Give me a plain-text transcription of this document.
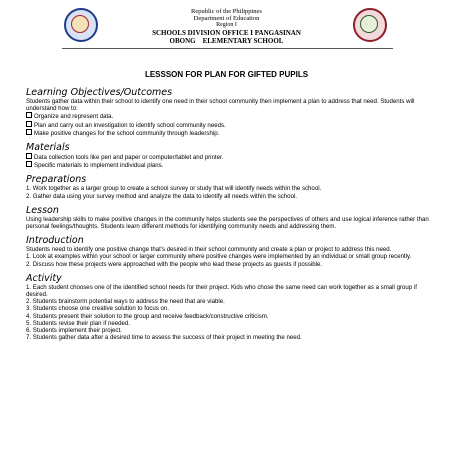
Republic of the Philippines
Department of Education
Region I
SCHOOLS DIVISION OFFICE I PANGASINAN
OBONG    ELEMENTARY SCHOOL
LESSSON FOR PLAN FOR GIFTED PUPILS

Learning Objectives/Outcomes

Students gather data within their school to identify one need in their school community then implement a plan to address that need. Students will understand how to:

Organize and represent data.

Plan and carry out an investigation to identify school community needs.

Make positive changes for the school community through leadership.

Materials

Data collection tools like pen and paper or computer/tablet and printer.

Specific materials to implement individual plans.

Preparations

1. Work together as a larger group to create a school survey or study that will identify needs within the school.

2. Gather data using your survey method and analyze the data to identify all needs within the school.

Lesson

Using leadership skills to make positive changes in the community helps students see the perspectives of others and use logical inference rather than personal feelings/thoughts. Students learn different methods for identifying community needs and addressing them.

Introduction

Students need to identify one positive change that's desired in their school community and create a plan or project to address this need.

1. Look at examples within your school or larger community where positive changes were implemented by an individual or small group recently.

2. Discuss how these projects were approached with the people who lead these projects as guests if possible.

Activity

1. Each student chooses one of the identified school needs for their project. Kids who chose the same need can work together as a small group if desired.

2. Students brainstorm potential ways to address the need that are viable.

3. Students choose one creative solution to focus on.

4. Students present their solution to the group and receive feedback/constructive criticism.

5. Students revise their plan if needed.

6. Students implement their project.

7. Students gather data after a desired time to assess the success of their project in meeting the need.
